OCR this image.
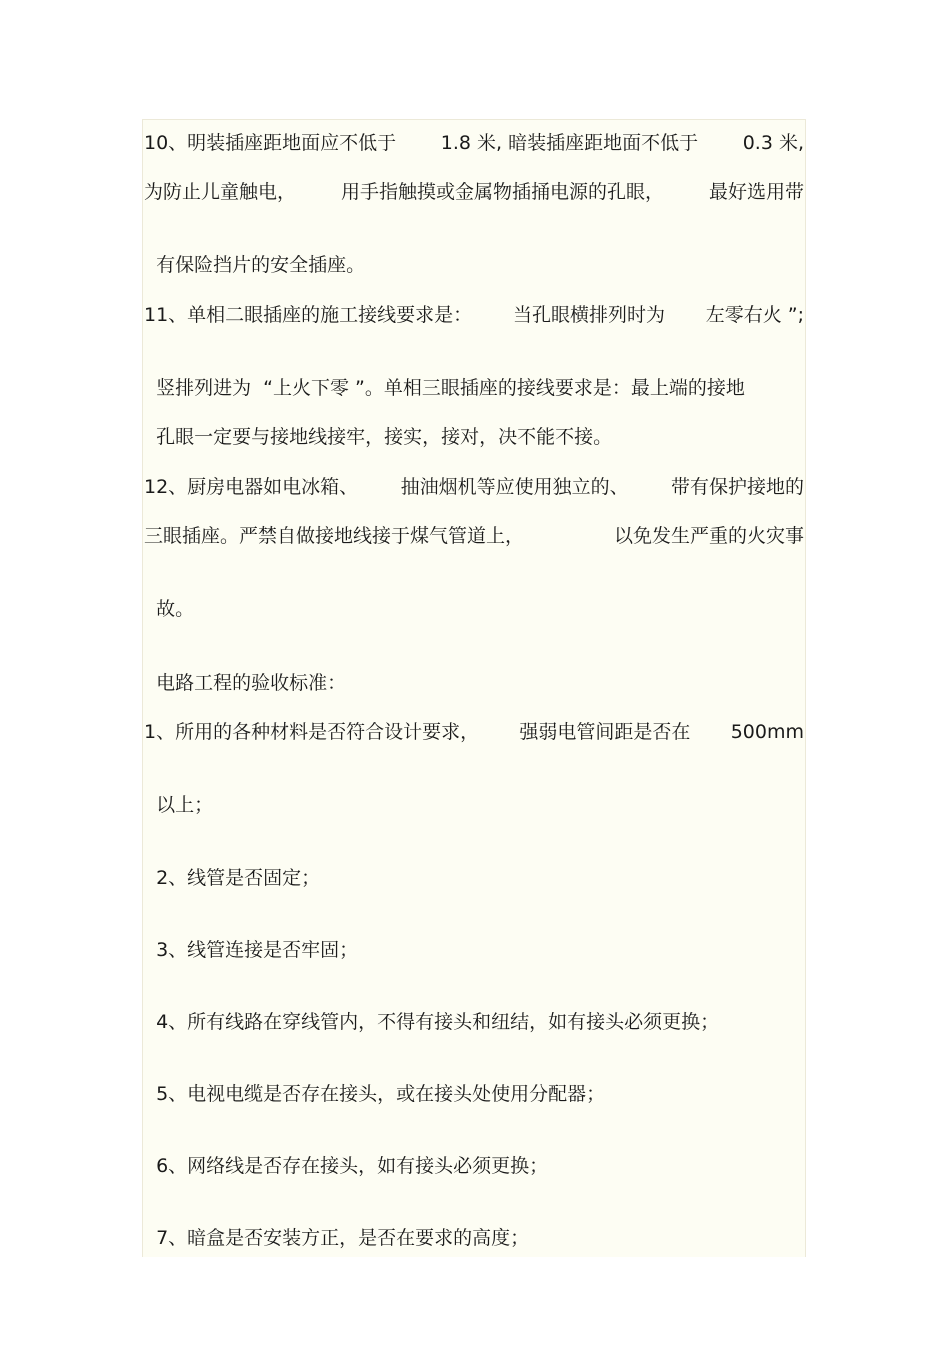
10、明装插座距地面应不低于 1.8 米, 暗装插座距地面不低于 0.3 米,
为防止儿童触电， 用手指触摸或金属物插捅电源的孔眼， 最好选用带

有保险挡片的安全插座。

11、单相二眼插座的施工接线要求是： 当孔眼横排列时为 左零右火 ”;

竖排列进为  “上火下零 ”。单相三眼插座的接线要求是：最上端的接地

孔眼一定要与接地线接牢，接实，接对，决不能不接。

12、厨房电器如电冰箱、 抽油烟机等应使用独立的、 带有保护接地的
三眼插座。严禁自做接地线接于煤气管道上，	以免发生严重的火灾事

故。

电路工程的验收标准：

1、所用的各种材料是否符合设计要求， 强弱电管间距是否在 500mm

以上；

2、线管是否固定；

3、线管连接是否牢固；

4、所有线路在穿线管内，不得有接头和纽结，如有接头必须更换；

5、电视电缆是否存在接头，或在接头处使用分配器；

6、网络线是否存在接头，如有接头必须更换；

7、暗盒是否安装方正，是否在要求的高度；
